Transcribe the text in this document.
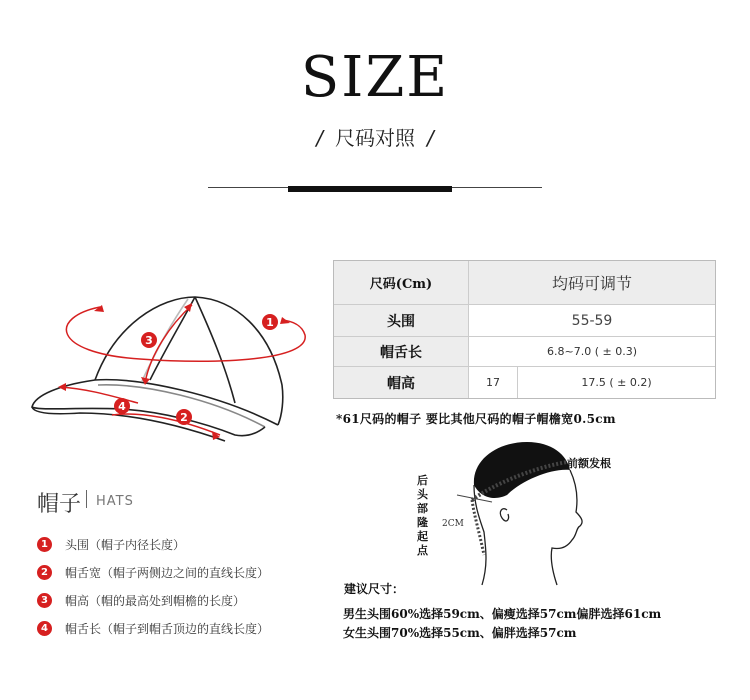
SIZE
/ 尺码对照 /
1
2
3
4
尺码(Cm)	均码可调节
头围	55-59
帽舌长	6.8~7.0 ( ± 0.3)
帽高	17	17.5 ( ± 0.2)
*61尺码的帽子 要比其他尺码的帽子帽檐宽0.5cm
前额发根
2CM
后
头
部
隆
起
点
帽子 HATS
1	头围（帽子内径长度）
2	帽舌宽（帽子两侧边之间的直线长度）
3	帽高（帽的最高处到帽檐的长度）
4	帽舌长（帽子到帽舌顶边的直线长度）
建议尺寸：
男生头围60%选择59cm、偏瘦选择57cm偏胖选择61cm
女生头围70%选择55cm、偏胖选择57cm
